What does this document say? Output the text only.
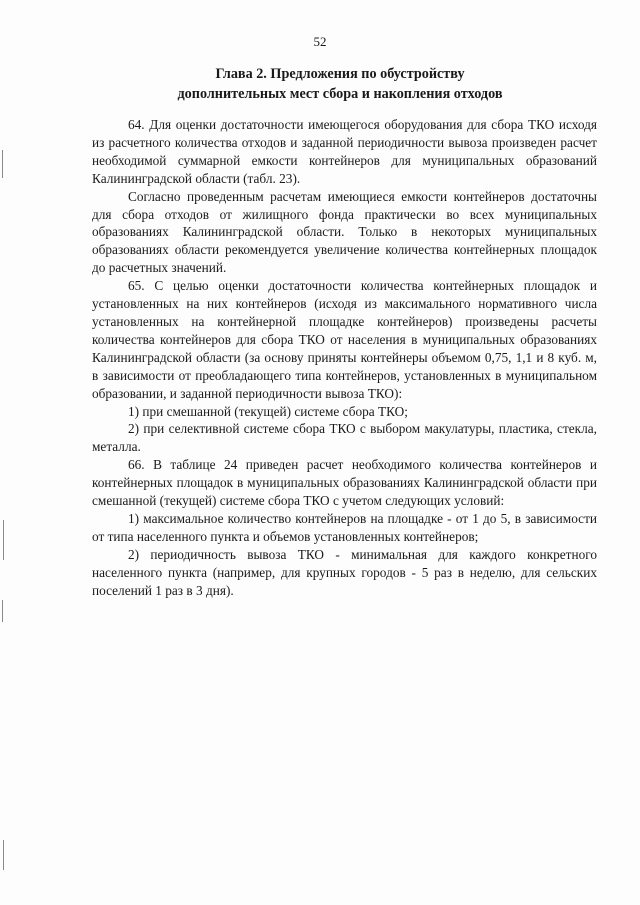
52
Глава 2. Предложения по обустройству
дополнительных мест сбора и накопления отходов

64. Для оценки достаточности имеющегося оборудования для сбора ТКО исходя из расчетного количества отходов и заданной периодичности вывоза произведен расчет необходимой суммарной емкости контейнеров для муниципальных образований Калининградской области (табл. 23).

Согласно проведенным расчетам имеющиеся емкости контейнеров достаточны для сбора отходов от жилищного фонда практически во всех муниципальных образованиях Калининградской области. Только в некоторых муниципальных образованиях области рекомендуется увеличение количества контейнерных площадок до расчетных значений.

65. С целью оценки достаточности количества контейнерных площадок и установленных на них контейнеров (исходя из максимального нормативного числа установленных на контейнерной площадке контейнеров) произведены расчеты количества контейнеров для сбора ТКО от населения в муниципальных образованиях Калининградской области (за основу приняты контейнеры объемом 0,75, 1,1 и 8 куб. м, в зависимости от преобладающего типа контейнеров, установленных в муниципальном образовании, и заданной периодичности вывоза ТКО):

1) при смешанной (текущей) системе сбора ТКО;

2) при селективной системе сбора ТКО с выбором макулатуры, пластика, стекла, металла.

66. В таблице 24 приведен расчет необходимого количества контейнеров и контейнерных площадок в муниципальных образованиях Калининградской области при смешанной (текущей) системе сбора ТКО с учетом следующих условий:

1) максимальное количество контейнеров на площадке - от 1 до 5, в зависимости от типа населенного пункта и объемов установленных контейнеров;

2) периодичность вывоза ТКО - минимальная для каждого конкретного населенного пункта (например, для крупных городов - 5 раз в неделю, для сельских поселений 1 раз в 3 дня).
